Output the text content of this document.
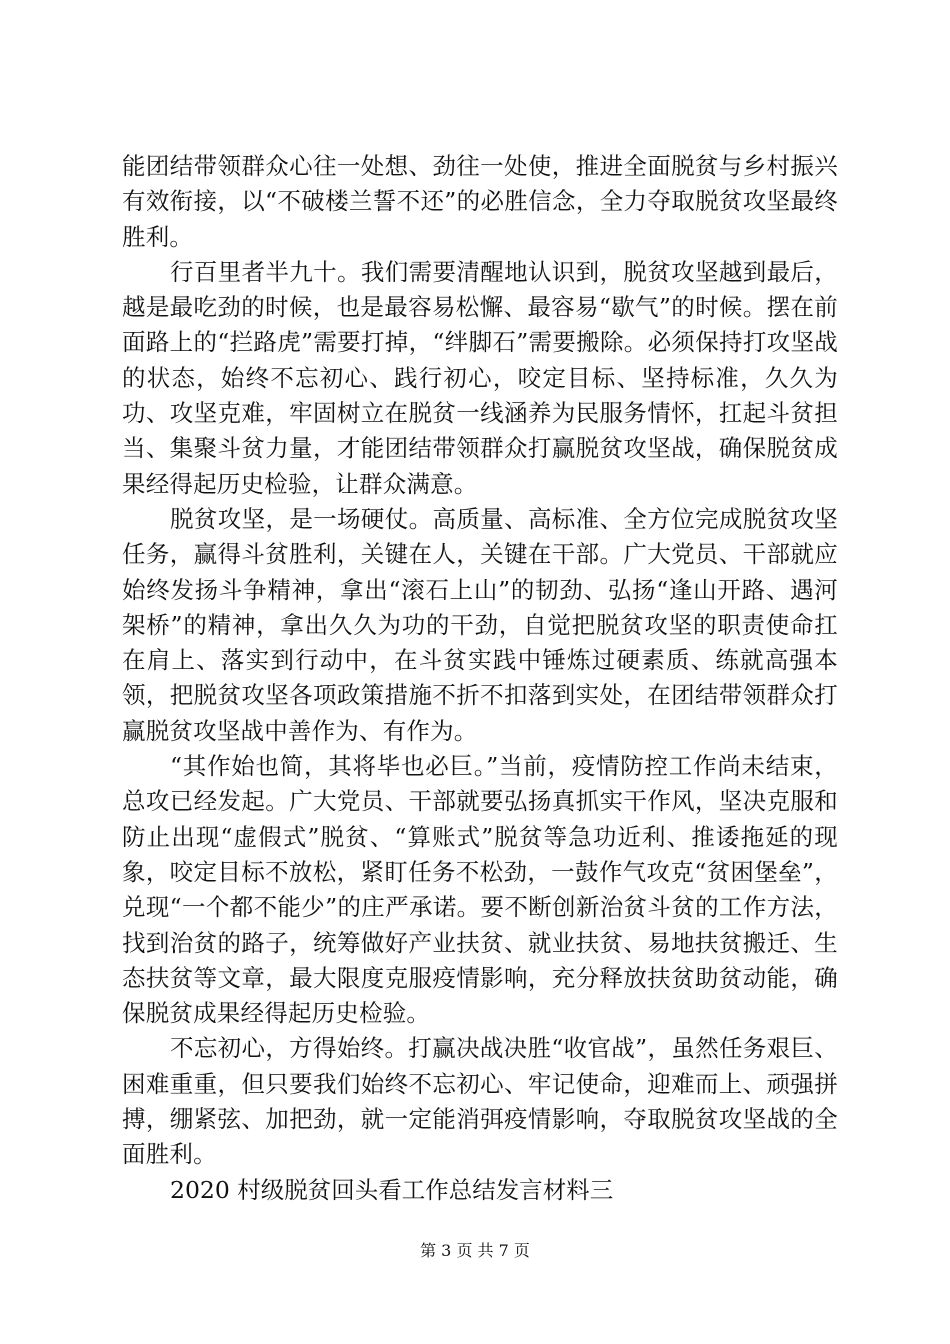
能团结带领群众心往一处想、劲往一处使，推进全面脱贫与乡村振兴有效衔接，以“不破楼兰誓不还”的必胜信念，全力夺取脱贫攻坚最终胜利。

行百里者半九十。我们需要清醒地认识到，脱贫攻坚越到最后，越是最吃劲的时候，也是最容易松懈、最容易“歇气”的时候。摆在前面路上的“拦路虎”需要打掉，“绊脚石”需要搬除。必须保持打攻坚战的状态，始终不忘初心、践行初心，咬定目标、坚持标准，久久为功、攻坚克难，牢固树立在脱贫一线涵养为民服务情怀，扛起斗贫担当、集聚斗贫力量，才能团结带领群众打赢脱贫攻坚战，确保脱贫成果经得起历史检验，让群众满意。

脱贫攻坚，是一场硬仗。高质量、高标准、全方位完成脱贫攻坚任务，赢得斗贫胜利，关键在人，关键在干部。广大党员、干部就应始终发扬斗争精神，拿出“滚石上山”的韧劲、弘扬“逢山开路、遇河架桥”的精神，拿出久久为功的干劲，自觉把脱贫攻坚的职责使命扛在肩上、落实到行动中，在斗贫实践中锤炼过硬素质、练就高强本领，把脱贫攻坚各项政策措施不折不扣落到实处，在团结带领群众打赢脱贫攻坚战中善作为、有作为。

“其作始也简，其将毕也必巨。”当前，疫情防控工作尚未结束，总攻已经发起。广大党员、干部就要弘扬真抓实干作风，坚决克服和防止出现“虚假式”脱贫、“算账式”脱贫等急功近利、推诿拖延的现象，咬定目标不放松，紧盯任务不松劲，一鼓作气攻克“贫困堡垒”，兑现“一个都不能少”的庄严承诺。要不断创新治贫斗贫的工作方法，找到治贫的路子，统筹做好产业扶贫、就业扶贫、易地扶贫搬迁、生态扶贫等文章，最大限度克服疫情影响，充分释放扶贫助贫动能，确保脱贫成果经得起历史检验。

不忘初心，方得始终。打赢决战决胜“收官战”，虽然任务艰巨、困难重重，但只要我们始终不忘初心、牢记使命，迎难而上、顽强拼搏，绷紧弦、加把劲，就一定能消弭疫情影响，夺取脱贫攻坚战的全面胜利。

2020 村级脱贫回头看工作总结发言材料三

第 3 页 共 7 页
